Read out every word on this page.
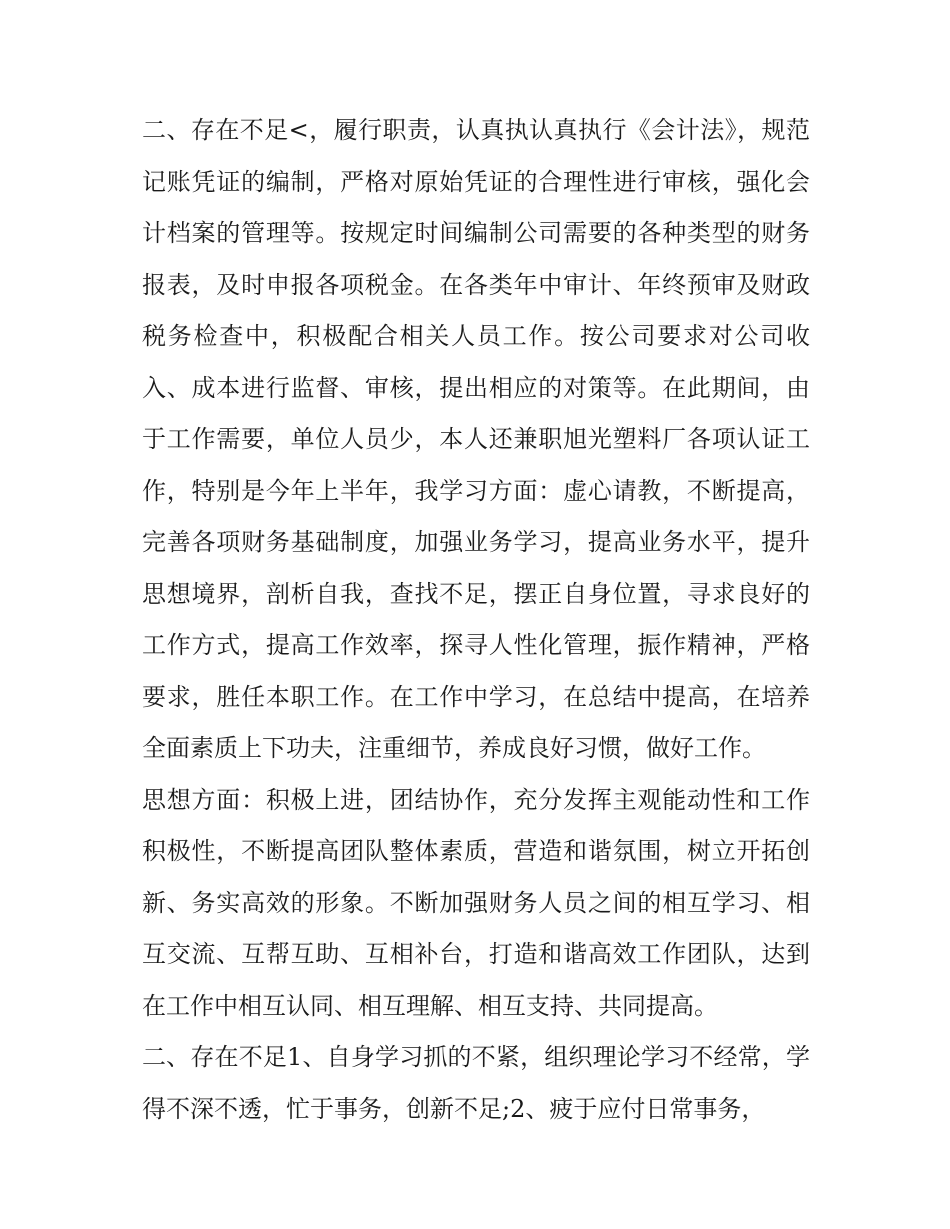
二、存在不足<，履行职责，认真执认真执行《会计法》，规范记账凭证的编制，严格对原始凭证的合理性进行审核，强化会计档案的管理等。按规定时间编制公司需要的各种类型的财务报表，及时申报各项税金。在各类年中审计、年终预审及财政税务检查中，积极配合相关人员工作。按公司要求对公司收入、成本进行监督、审核，提出相应的对策等。在此期间，由于工作需要，单位人员少，本人还兼职旭光塑料厂各项认证工作，特别是今年上半年，我学习方面：虚心请教，不断提高，完善各项财务基础制度，加强业务学习，提高业务水平，提升思想境界，剖析自我，查找不足，摆正自身位置，寻求良好的工作方式，提高工作效率，探寻人性化管理，振作精神，严格要求，胜任本职工作。在工作中学习，在总结中提高，在培养全面素质上下功夫，注重细节，养成良好习惯，做好工作。

思想方面：积极上进，团结协作，充分发挥主观能动性和工作积极性，不断提高团队整体素质，营造和谐氛围，树立开拓创新、务实高效的形象。不断加强财务人员之间的相互学习、相互交流、互帮互助、互相补台，打造和谐高效工作团队，达到在工作中相互认同、相互理解、相互支持、共同提高。

二、存在不足1、自身学习抓的不紧，组织理论学习不经常，学得不深不透，忙于事务，创新不足;2、疲于应付日常事务，
